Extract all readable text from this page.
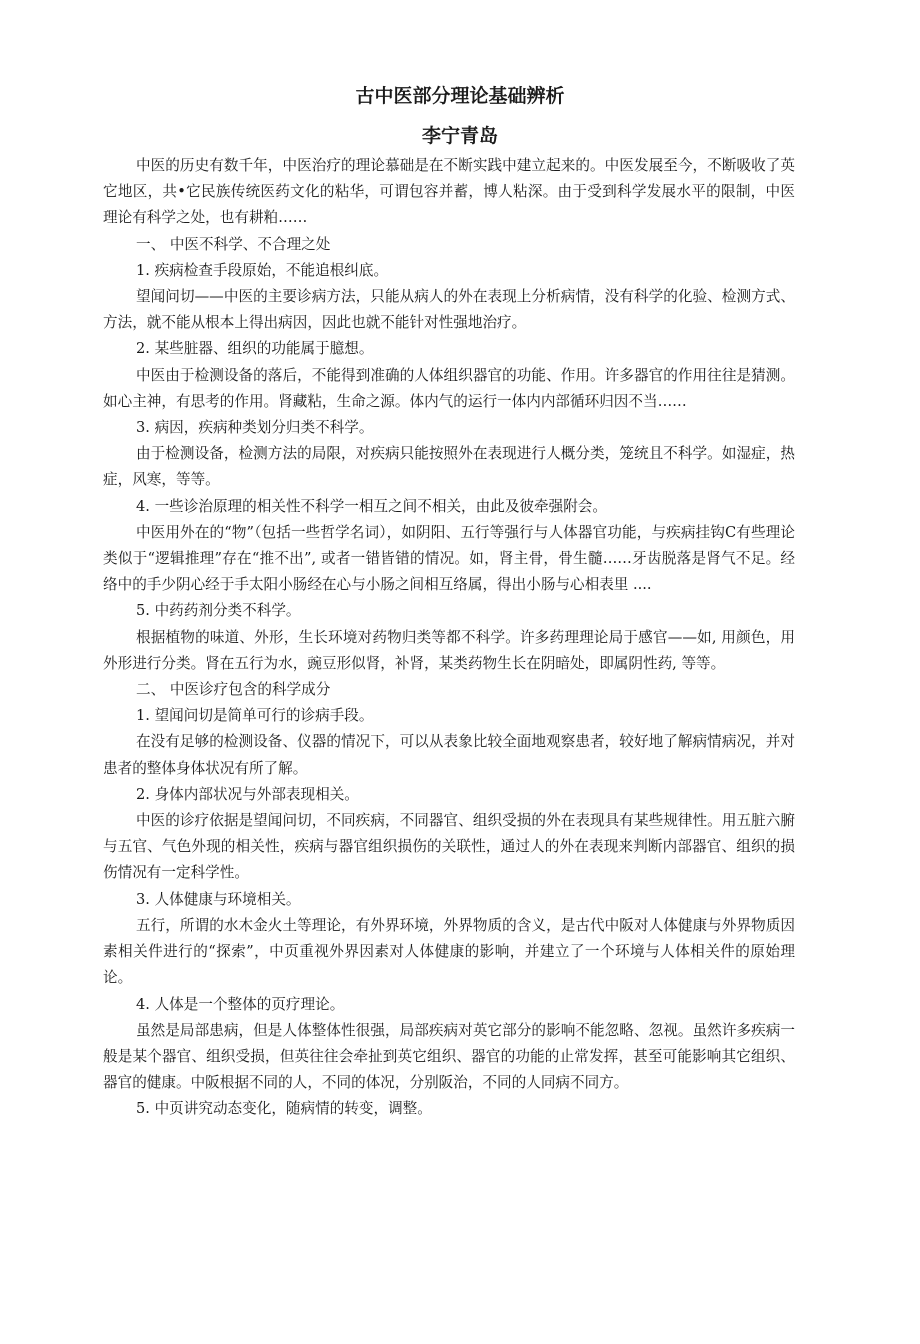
古中医部分理论基础辨析
李宁青岛

中医的历史有数千年，中医治疗的理论慕础是在不断实践中建立起来的。中医发展至今，不断吸收了英它地区，共•它民族传统医药文化的粘华，可谓包容并蓄，博人粘深。由于受到科学发展水平的限制，中医理论有科学之处，也有耕粕……

一、 中医不科学、不合理之处

1. 疾病检查手段原始，不能追根纠底。

望闻问切——中医的主要诊病方法，只能从病人的外在表现上分析病情，没有科学的化验、检测方式、方法，就不能从根本上得出病因，因此也就不能针对性强地治疗。

2. 某些脏器、组织的功能属于臆想。

中医由于检测设备的落后，不能得到准确的人体组织器官的功能、作用。许多器官的作用往往是猜测。如心主神，有思考的作用。肾藏粘，生命之源。体内气的运行一体内内部循环归因不当……

3. 病因，疾病种类划分归类不科学。

由于检测设备，检测方法的局限，对疾病只能按照外在表现进行人概分类，笼统且不科学。如湿症，热症，风寒，等等。

4. 一些诊治原理的相关性不科学一相互之间不相关，由此及彼牵强附会。

中医用外在的“物”（包括一些哲学名词），如阴阳、五行等强行与人体器官功能，与疾病挂钩C有些理论类似于“逻辑推理”存在“推不出”, 或者一错皆错的情况。如，肾主骨，骨生髓……牙齿脱落是肾气不足。经络中的手少阴心经于手太阳小肠经在心与小肠之间相互络属，得出小肠与心相表里 ....

5. 中药药剂分类不科学。

根据植物的味道、外形，生长环境对药物归类等都不科学。许多药理理论局于感官——如, 用颜色，用外形进行分类。肾在五行为水，豌豆形似肾，补肾，某类药物生长在阴暗处，即属阴性药, 等等。

二、 中医诊疗包含的科学成分

1. 望闻问切是简单可行的诊病手段。

在没有足够的检测设备、仪器的情况下，可以从表象比较全面地观察患者，较好地了解病情病况，并对患者的整体身体状况有所了解。

2. 身体内部状况与外部表现相关。

中医的诊疗依据是望闻问切，不同疾病，不同器官、组织受损的外在表现具有某些规律性。用五脏六腑与五官、气色外现的相关性，疾病与器官组织损伤的关联性，通过人的外在表现来判断内部器官、组织的损伤情况有一定科学性。

3. 人体健康与环境相关。

五行，所谓的水木金火土等理论，有外界环境，外界物质的含义，是古代中阪对人体健康与外界物质因素相关件进行的“探索”，中页重视外界因素对人体健康的影响，并建立了一个环境与人体相关件的原始理论。

4. 人体是一个整体的页疗理论。

虽然是局部患病，但是人体整体性很强，局部疾病对英它部分的影响不能忽略、忽视。虽然许多疾病一般是某个器官、组织受损，但英往往会牵扯到英它组织、器官的功能的止常发挥，甚至可能影响其它组织、器官的健康。中阪根据不同的人，不同的体况，分别阪治，不同的人同病不同方。

5. 中页讲究动态变化，随病情的转变，调整。
